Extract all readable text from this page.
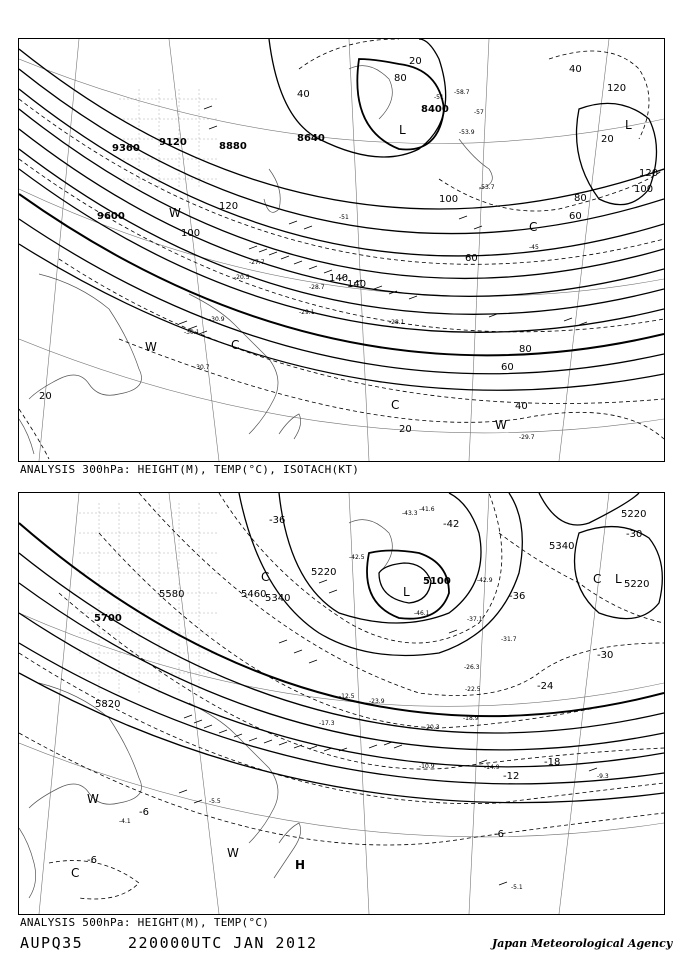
-51
-53.9
-58.7
-57
-53.7
-51
-45
-30.7
-30.9
-30.1
-29.7
-28.1
-28.7
-29.1
-20.5
-27.7
9360
9120	8880
8640
8400
9600
20
40
80
120
140
100
80
60
40
20
120
100
80
60
40
20
20
60
120
140
100
L	L
C
C
C
W
W
W
ANALYSIS 300hPa: HEIGHT(M), TEMP(°C), ISOTACH(KT)
-41.6
-43.3
-42.5
-46.1
-42.9
-37.1
-31.7
-26.3
-22.5
-18.9
-14.9
-9.3
-5.1
-5.5
-4.1
-20.3
-23.9
-17.3
-12.5
-10.9
5700
5580	5460
5340
5220
5100
5820
5340
5220
5220
-36	-42
-36
-30
-24
-18
-12
-6
-6
-30
-6
L
L
C	C
C
W
W
H
ANALYSIS 500hPa: HEIGHT(M), TEMP(°C)
AUPQ35	220000UTC JAN 2012	Japan Meteorological Agency
